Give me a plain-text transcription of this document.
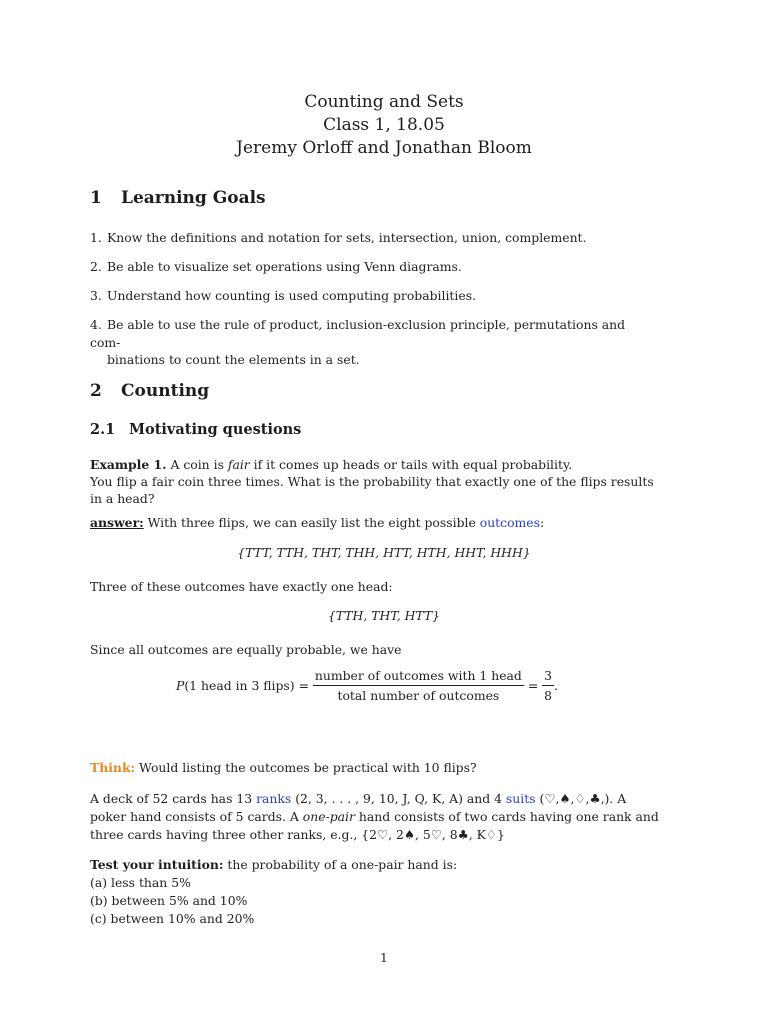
Counting and Sets
Class 1, 18.05
Jeremy Orloff and Jonathan Bloom
1 Learning Goals
1. Know the definitions and notation for sets, intersection, union, complement.
2. Be able to visualize set operations using Venn diagrams.
3. Understand how counting is used computing probabilities.
4. Be able to use the rule of product, inclusion-exclusion principle, permutations and com-
binations to count the elements in a set.
2 Counting
2.1 Motivating questions
Example 1. A coin is fair if it comes up heads or tails with equal probability.
You flip a fair coin three times. What is the probability that exactly one of the flips results
in a head?
answer: With three flips, we can easily list the eight possible outcomes:
{TTT, TTH, THT, THH, HTT, HTH, HHT, HHH}
Three of these outcomes have exactly one head:
{TTH, THT, HTT}
Since all outcomes are equally probable, we have
P(1 head in 3 flips) = $\frac{\text{number of outcomes with 1 head}}{\text{total number of outcomes}} = \frac{3}{8}$ .
Think: Would listing the outcomes be practical with 10 flips?
A deck of 52 cards has 13 ranks (2, 3, . . . , 9, 10, J, Q, K, A) and 4 suits (♡,♠,♢,♣,). A
poker hand consists of 5 cards. A one-pair hand consists of two cards having one rank and
three cards having three other ranks, e.g., {2♡, 2♠, 5♡, 8♣, K♢}
Test your intuition: the probability of a one-pair hand is:
(a) less than 5%
(b) between 5% and 10%
(c) between 10% and 20%
1
